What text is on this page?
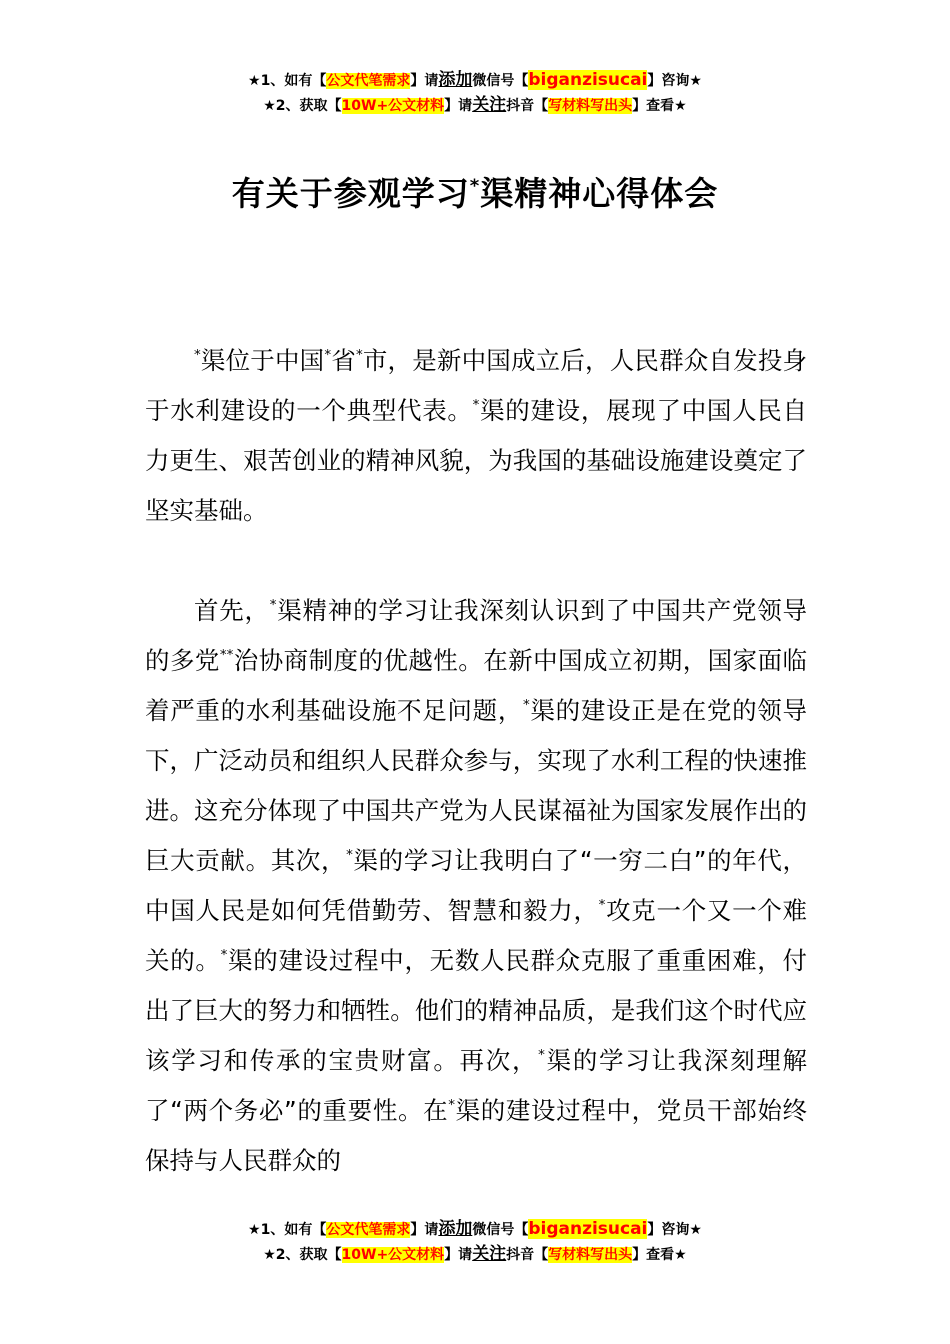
★1、如有【公文代笔需求】请添加微信号【biganzisucai】咨询★
★2、获取【10W+公文材料】请关注抖音【写材料写出头】查看★
有关于参观学习*渠精神心得体会

*渠位于中国*省*市，是新中国成立后，人民群众自发投身于水利建设的一个典型代表。*渠的建设，展现了中国人民自力更生、艰苦创业的精神风貌，为我国的基础设施建设奠定了坚实基础。

首先，*渠精神的学习让我深刻认识到了中国共产党领导的多党**治协商制度的优越性。在新中国成立初期，国家面临着严重的水利基础设施不足问题，*渠的建设正是在党的领导下，广泛动员和组织人民群众参与，实现了水利工程的快速推进。这充分体现了中国共产党为人民谋福祉为国家发展作出的巨大贡献。其次，*渠的学习让我明白了“一穷二白”的年代，中国人民是如何凭借勤劳、智慧和毅力，*攻克一个又一个难关的。*渠的建设过程中，无数人民群众克服了重重困难，付出了巨大的努力和牺牲。他们的精神品质，是我们这个时代应该学习和传承的宝贵财富。再次，*渠的学习让我深刻理解了“两个务必”的重要性。在*渠的建设过程中，党员干部始终保持与人民群众的

★1、如有【公文代笔需求】请添加微信号【biganzisucai】咨询★
★2、获取【10W+公文材料】请关注抖音【写材料写出头】查看★
